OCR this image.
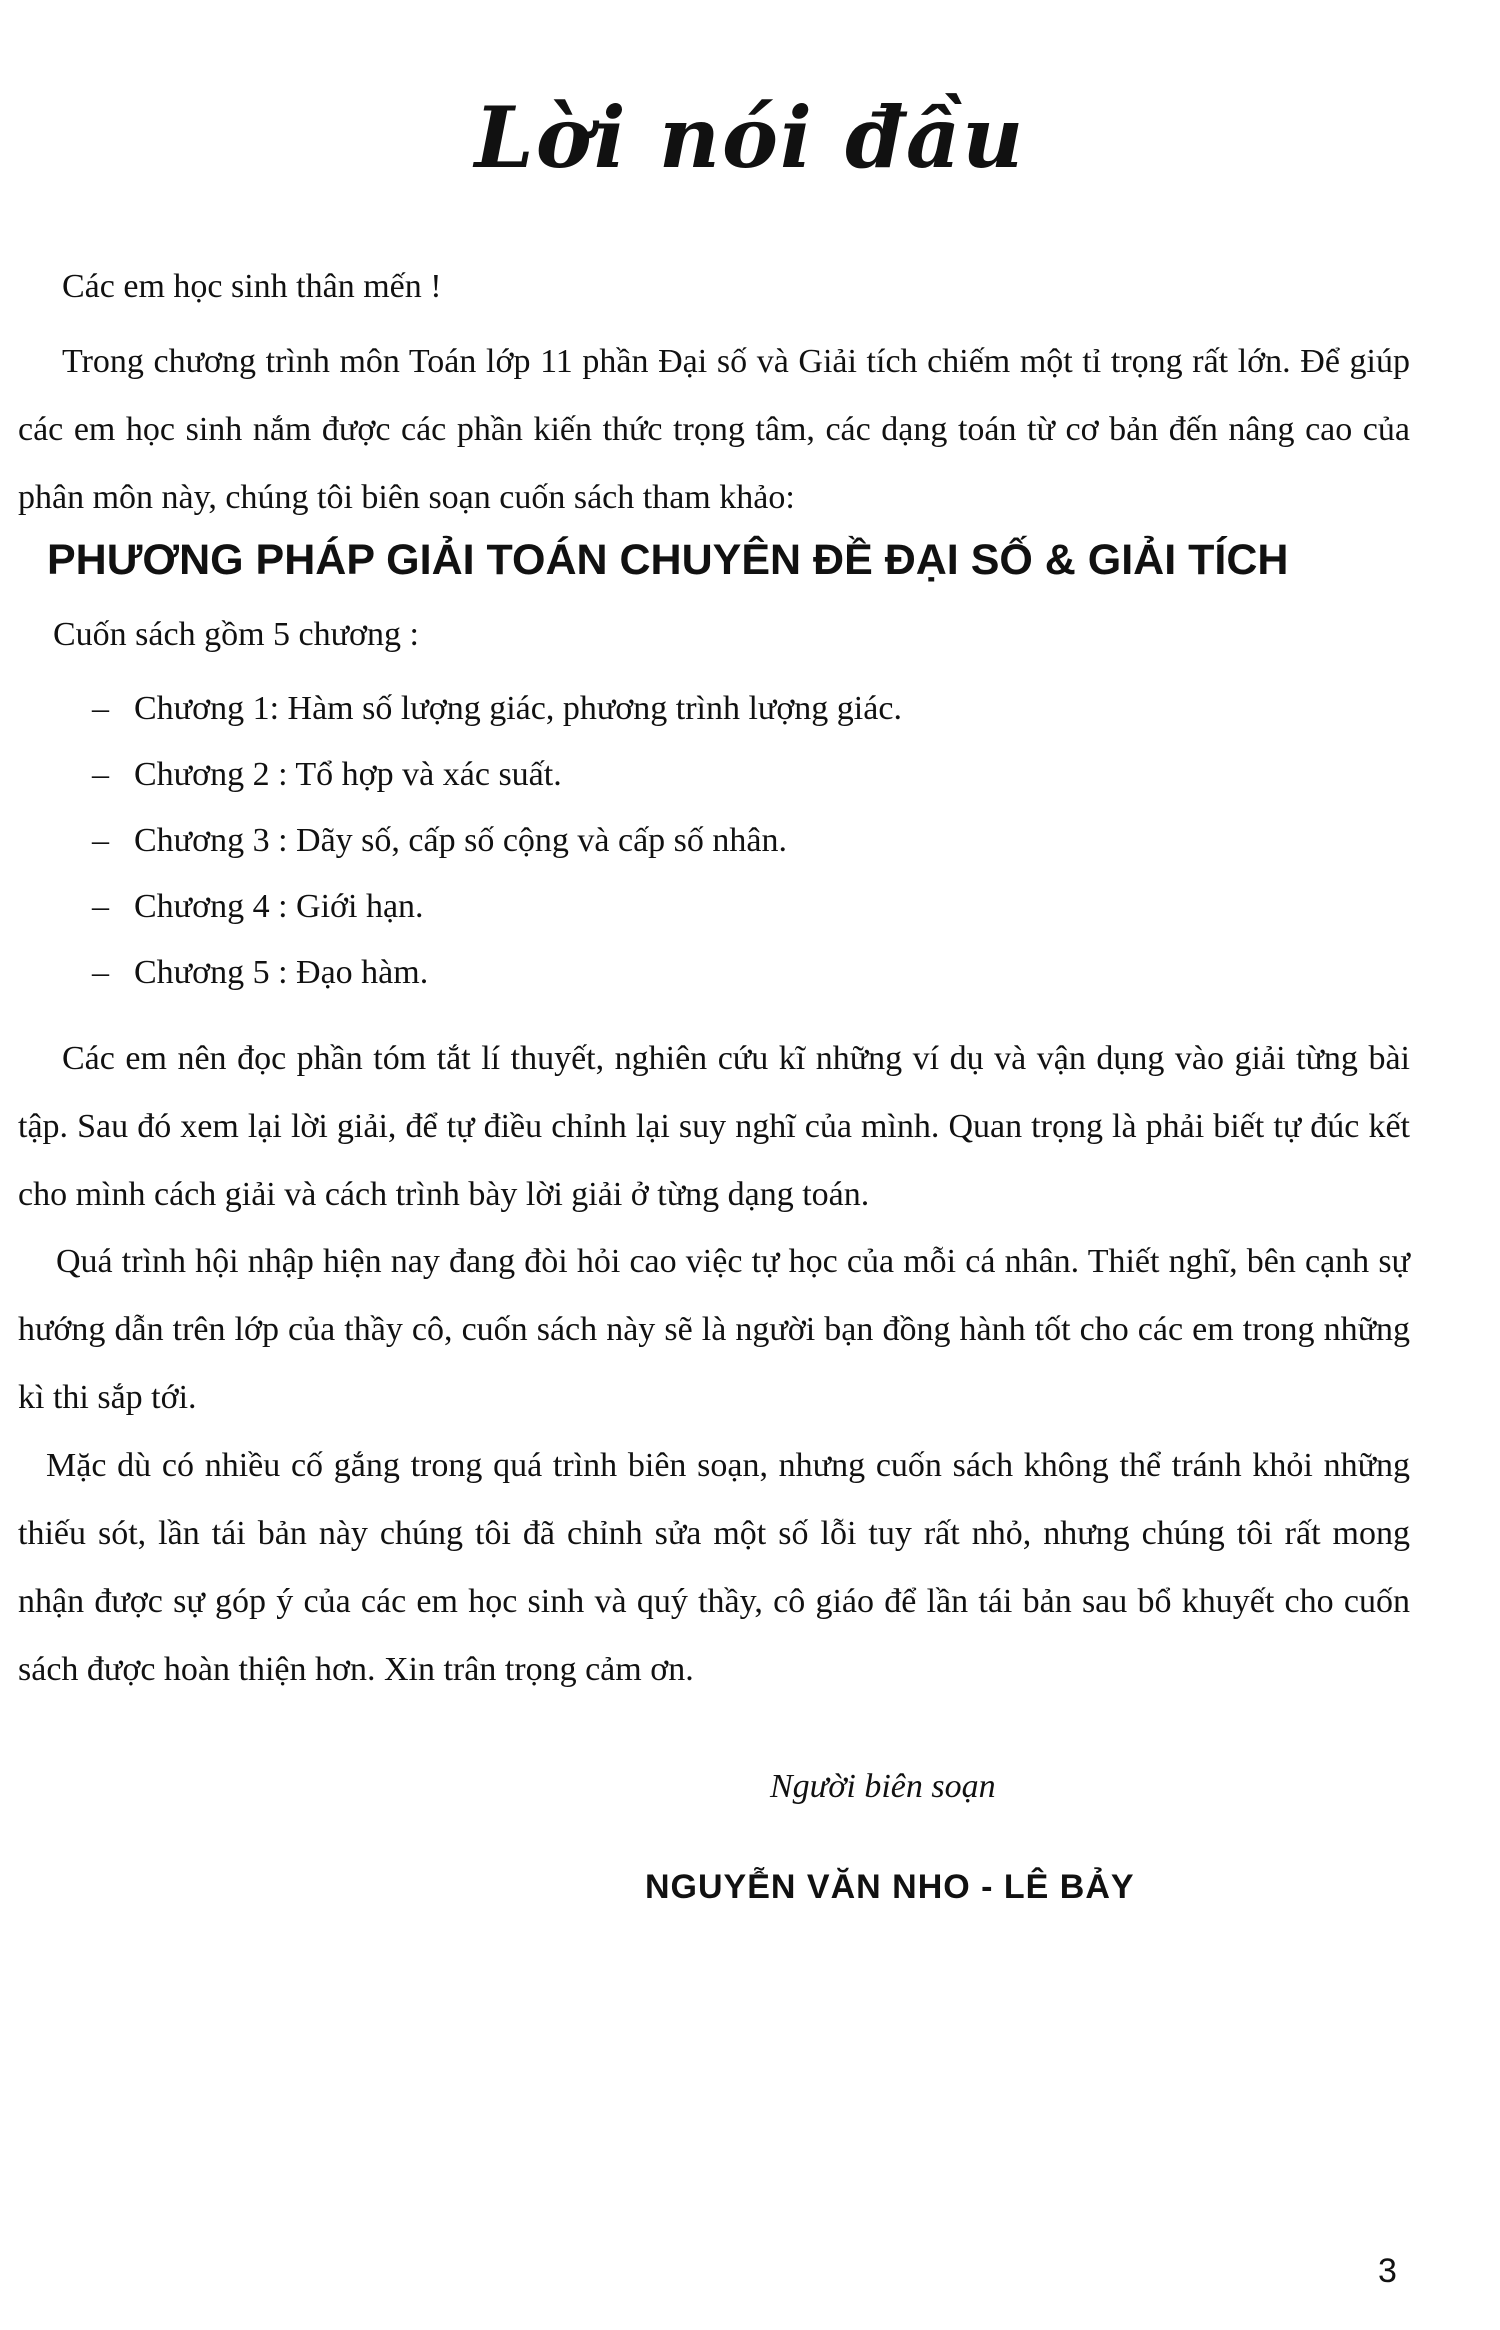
Lời nói đầu

Các em học sinh thân mến !

Trong chương trình môn Toán lớp 11 phần Đại số và Giải tích chiếm một tỉ trọng rất lớn. Để giúp các em học sinh nắm được các phần kiến thức trọng tâm, các dạng toán từ cơ bản đến nâng cao của phân môn này, chúng tôi biên soạn cuốn sách tham khảo:

PHƯƠNG PHÁP GIẢI TOÁN CHUYÊN ĐỀ ĐẠI SỐ & GIẢI TÍCH

Cuốn sách gồm 5 chương :

– Chương 1: Hàm số lượng giác, phương trình lượng giác.
– Chương 2 : Tổ hợp và xác suất.
– Chương 3 : Dãy số, cấp số cộng và cấp số nhân.
– Chương 4 : Giới hạn.
– Chương 5 : Đạo hàm.

Các em nên đọc phần tóm tắt lí thuyết, nghiên cứu kĩ những ví dụ và vận dụng vào giải từng bài tập. Sau đó xem lại lời giải, để tự điều chỉnh lại suy nghĩ của mình. Quan trọng là phải biết tự đúc kết cho mình cách giải và cách trình bày lời giải ở từng dạng toán.

Quá trình hội nhập hiện nay đang đòi hỏi cao việc tự học của mỗi cá nhân. Thiết nghĩ, bên cạnh sự hướng dẫn trên lớp của thầy cô, cuốn sách này sẽ là người bạn đồng hành tốt cho các em trong những kì thi sắp tới.

Mặc dù có nhiều cố gắng trong quá trình biên soạn, nhưng cuốn sách không thể tránh khỏi những thiếu sót, lần tái bản này chúng tôi đã chỉnh sửa một số lỗi tuy rất nhỏ, nhưng chúng tôi rất mong nhận được sự góp ý của các em học sinh và quý thầy, cô giáo để lần tái bản sau bổ khuyết cho cuốn sách được hoàn thiện hơn. Xin trân trọng cảm ơn.

Người biên soạn
NGUYỄN VĂN NHO - LÊ BẢY
3
